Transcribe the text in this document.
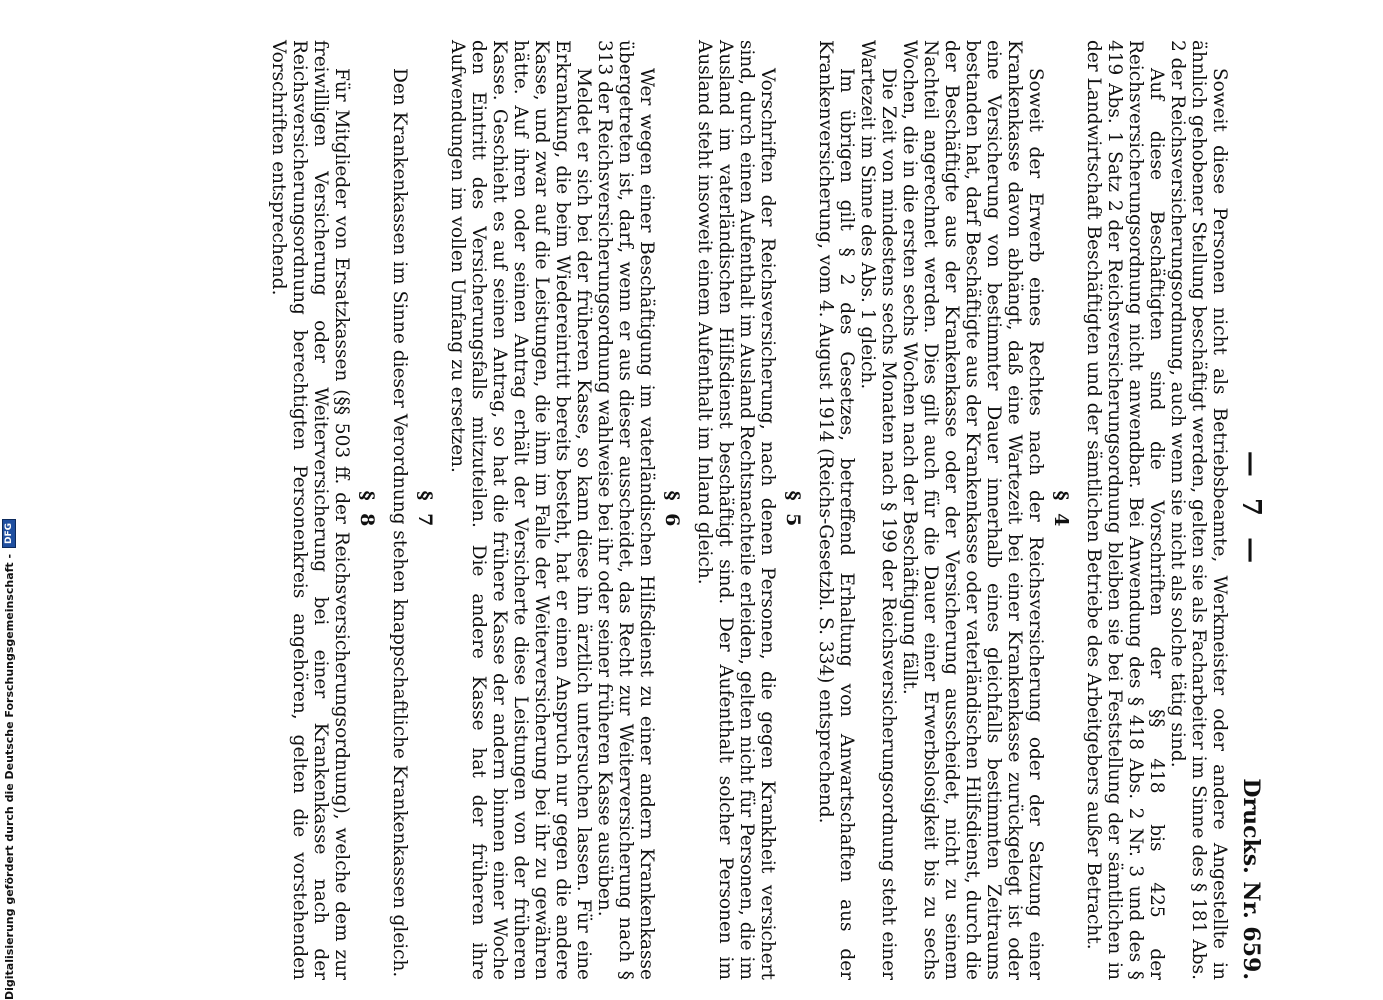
— 7 —
Drucks. Nr. 659.

Soweit diese Personen nicht als Betriebsbeamte, Werkmeister oder andere Angestellte in ähnlich gehobener Stellung beschäftigt werden, gelten sie als Facharbeiter im Sinne des § 181 Abs. 2 der Reichsversicherungsordnung, auch wenn sie nicht als solche tätig sind.

Auf diese Beschäftigten sind die Vorschriften der §§ 418 bis 425 der Reichsversicherungsordnung nicht anwendbar. Bei Anwendung des § 418 Abs. 2 Nr. 3 und des § 419 Abs. 1 Satz 2 der Reichsversicherungsordnung bleiben sie bei Feststellung der sämtlichen in der Landwirtschaft Beschäftigten und der sämtlichen Betriebe des Arbeitgebers außer Betracht.

§ 4

Soweit der Erwerb eines Rechtes nach der Reichsversicherung oder der Satzung einer Krankenkasse davon abhängt, daß eine Wartezeit bei einer Krankenkasse zurückgelegt ist oder eine Versicherung von bestimmter Dauer innerhalb eines gleichfalls bestimmten Zeitraums bestanden hat, darf Beschäftigte aus der Krankenkasse oder vaterländischen Hilfsdienst, durch die der Beschäftigte aus der Krankenkasse oder der Versicherung ausscheidet, nicht zu seinem Nachteil angerechnet werden. Dies gilt auch für die Dauer einer Erwerbslosigkeit bis zu sechs Wochen, die in die ersten sechs Wochen nach der Beschäftigung fällt.

Die Zeit von mindestens sechs Monaten nach § 199 der Reichsversicherungsordnung steht einer Wartezeit im Sinne des Abs. 1 gleich.

Im übrigen gilt § 2 des Gesetzes, betreffend Erhaltung von Anwartschaften aus der Krankenversicherung, vom 4. August 1914 (Reichs-Gesetzbl. S. 334) entsprechend.

§ 5

Vorschriften der Reichsversicherung, nach denen Personen, die gegen Krankheit versichert sind, durch einen Aufenthalt im Ausland Rechtsnachteile erleiden, gelten nicht für Personen, die im Ausland im vaterländischen Hilfsdienst beschäftigt sind. Der Aufenthalt solcher Personen im Ausland steht insoweit einem Aufenthalt im Inland gleich.

§ 6

Wer wegen einer Beschäftigung im vaterländischen Hilfsdienst zu einer andern Krankenkasse übergetreten ist, darf, wenn er aus dieser ausscheidet, das Recht zur Weiterversicherung nach § 313 der Reichsversicherungsordnung wahlweise bei ihr oder seiner früheren Kasse ausüben.

Meldet er sich bei der früheren Kasse, so kann diese ihn ärztlich untersuchen lassen. Für eine Erkrankung, die beim Wiedereintritt bereits besteht, hat er einen Anspruch nur gegen die andere Kasse, und zwar auf die Leistungen, die ihm im Falle der Weiterversicherung bei ihr zu gewähren hätte. Auf ihren oder seinen Antrag erhält der Versicherte diese Leistungen von der früheren Kasse. Geschieht es auf seinen Antrag, so hat die frühere Kasse der andern binnen einer Woche den Eintritt des Versicherungsfalls mitzuteilen. Die andere Kasse hat der früheren ihre Aufwendungen im vollen Umfang zu ersetzen.

§ 7

Den Krankenkassen im Sinne dieser Verordnung stehen knappschaftliche Krankenkassen gleich.

§ 8

Für Mitglieder von Ersatzkassen (§§ 503 ff. der Reichsversicherungsordnung), welche dem zur freiwilligen Versicherung oder Weiterversicherung bei einer Krankenkasse nach der Reichsversicherungsordnung berechtigten Personenkreis angehören, gelten die vorstehenden Vorschriften entsprechend.

Digitalisierung gefördert durch die Deutsche Forschungsgemeinschaft -
DFG
